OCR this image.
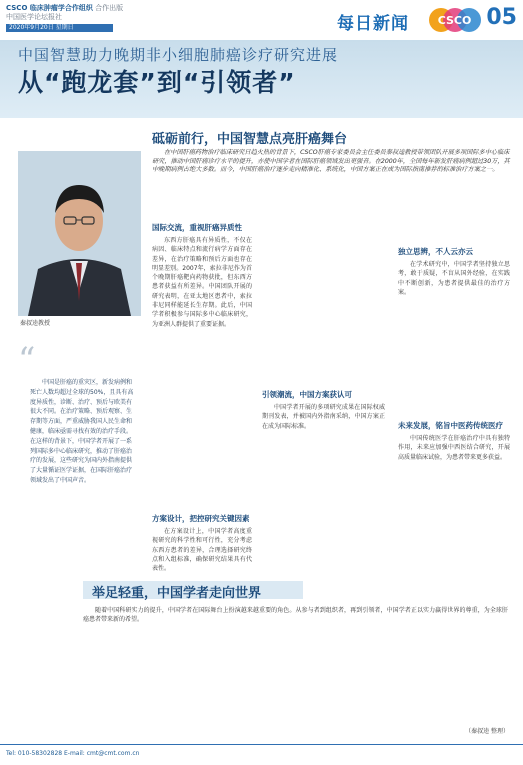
CSCO 临床肿瘤学合作组织 合作出版
中国医学论坛报社
2020年9月20日 星期日	每日新闻	CSCO 05
中国智慧助力晚期非小细胞肺癌诊疗研究进展
从“跑龙套”到“引领者”
砥砺前行，中国智慧点亮肝癌舞台
在中国肝癌药物治疗临床研究日趋火热的背景下，CSCO肝癌专家委员会主任委员秦叔逵教授带领团队开展多项国际多中心临床研究，推动中国肝癌诊疗水平的提升，亦使中国学者在国际肝癌领域发出更强音。在2000年，全国每年新发肝癌病例超过30万，其中晚期病例占绝大多数。而今，中国肝癌治疗逐步走向精准化、系统化，中国方案正在成为国际指南推荐的标准治疗方案之一。
秦叔逵教授
“

中国是肝癌的重灾区，新发病例和死亡人数均超过全球的50%，且具有高度异质性，诊断、治疗、预后与欧美有很大不同。在治疗策略、预后观察、生存期等方面，严重威胁我国人民生命和健康，临床亟需寻找有效的治疗手段。在这样的背景下，中国学者开展了一系列国际多中心临床研究，推动了肝癌治疗的发展，这些研究为国内外指南提供了大量循证医学证据，在国际肝癌治疗领域发出了中国声音。

国际交流，重视肝癌异质性

东西方肝癌具有异质性，不仅在病因、临床特点和流行病学方面存在差异，在治疗策略和预后方面也存在明显差别。2007年，索拉非尼作为首个晚期肝癌靶向药物获批，但东西方患者获益有所差异。中国团队开展的研究表明，在亚太地区患者中，索拉非尼同样能延长生存期。此后，中国学者积极参与国际多中心临床研究，为亚洲人群提供了重要证据。

方案设计，把控研究关键因素

在方案设计上，中国学者高度重视研究的科学性和可行性，充分考虑东西方患者的差异，合理选择研究终点和入组标准，确保研究结果具有代表性。

引领潮流，中国方案获认可

中国学者开展的多项研究成果在国际权威期刊发表，并被国内外指南采纳，中国方案正在成为国际标准。

独立思辨，不人云亦云

在学术研究中，中国学者坚持独立思考，敢于质疑，不盲从国外经验，在实践中不断创新，为患者提供最佳的治疗方案。

未来发展，铭旨中医药传统医疗

中国传统医学在肝癌治疗中具有独特作用，未来应加强中西医结合研究，开展高质量临床试验，为患者带来更多获益。

举足轻重，中国学者走向世界

随着中国科研实力的提升，中国学者在国际舞台上扮演越来越重要的角色。从参与者到组织者，再到引领者，中国学者正以实力赢得世界的尊重，为全球肝癌患者带来新的希望。

（秦叔逵 整理）
Tel: 010-58302828 E-mail: cmt@cmt.com.cn
